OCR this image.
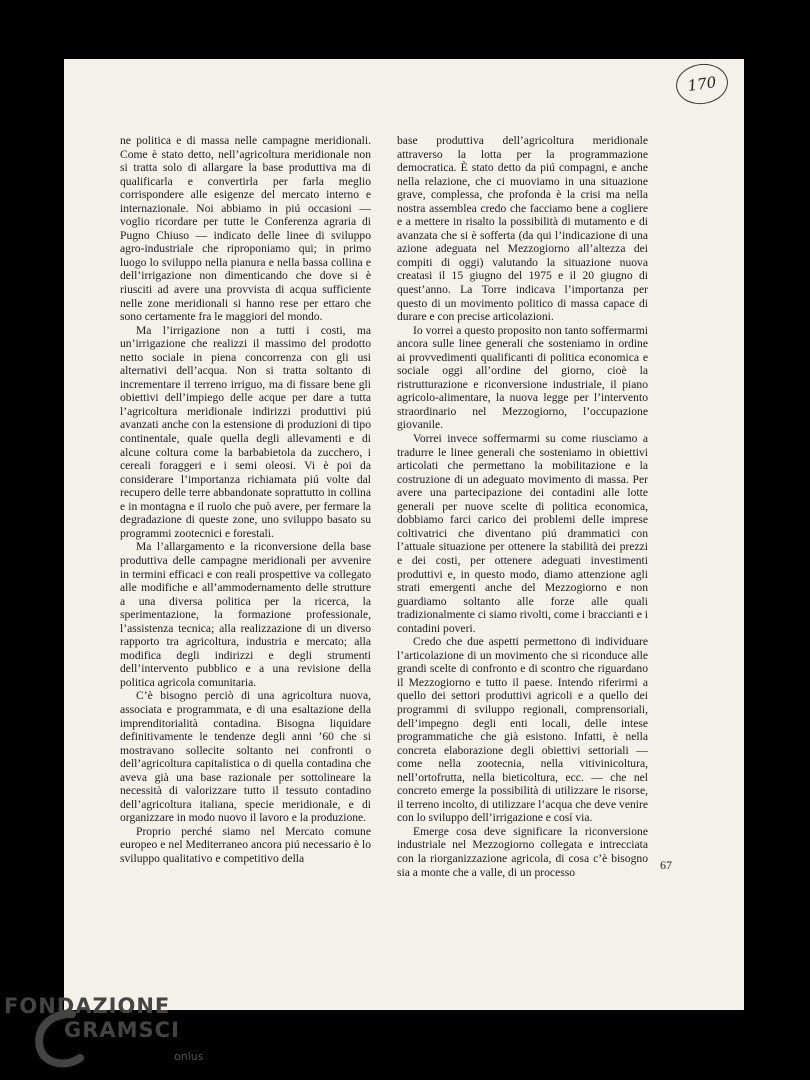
170

ne politica e di massa nelle campagne meridionali. Come è stato detto, nell’agricoltura meridionale non si tratta solo di allargare la base produttiva ma di qualificarla e convertirla per farla meglio corrispondere alle esigenze del mercato interno e internazionale. Noi abbiamo in piú occasioni — voglio ricordare per tutte le Conferenza agraria di Pugno Chiuso — indicato delle linee di sviluppo agro-industriale che riproponiamo qui; in primo luogo lo sviluppo nella pianura e nella bassa collina e dell’irrigazione non dimenticando che dove si è riusciti ad avere una provvista di acqua sufficiente nelle zone meridionali si hanno rese per ettaro che sono certamente fra le maggiori del mondo.

Ma l’irrigazione non a tutti i costi, ma un’irrigazione che realizzi il massimo del prodotto netto sociale in piena concorrenza con gli usi alternativi dell’acqua. Non si tratta soltanto di incrementare il terreno irriguo, ma di fissare bene gli obiettivi dell’impiego delle acque per dare a tutta l’agricoltura meridionale indirizzi produttivi piú avanzati anche con la estensione di produzioni di tipo continentale, quale quella degli allevamenti e di alcune coltura come la barbabietola da zucchero, i cereali foraggeri e i semi oleosi. Vi è poi da considerare l’importanza richiamata piú volte dal recupero delle terre abbandonate soprattutto in collina e in montagna e il ruolo che può avere, per fermare la degradazione di queste zone, uno sviluppo basato su programmi zootecnici e forestali.

Ma l’allargamento e la riconversione della base produttiva delle campagne meridionali per avvenire in termini efficaci e con reali prospettive va collegato alle modifiche e all’ammodernamento delle strutture a una diversa politica per la ricerca, la sperimentazione, la formazione professionale, l’assistenza tecnica; alla realizzazione di un diverso rapporto tra agricoltura, industria e mercato; alla modifica degli indirizzi e degli strumenti dell’intervento pubblico e a una revisione della politica agricola comunitaria.

C’è bisogno perciò di una agricoltura nuova, associata e programmata, e di una esaltazione della imprenditorialità contadina. Bisogna liquidare definitivamente le tendenze degli anni ’60 che si mostravano sollecite soltanto nei confronti o dell’agricoltura capitalistica o di quella contadina che aveva già una base razionale per sottolineare la necessità di valorizzare tutto il tessuto contadino dell’agricoltura italiana, specie meridionale, e di organizzare in modo nuovo il lavoro e la produzione.

Proprio perché siamo nel Mercato comune europeo e nel Mediterraneo ancora piú necessario è lo sviluppo qualitativo e competitivo della

base produttiva dell’agricoltura meridionale attraverso la lotta per la programmazione democratica. È stato detto da piú compagni, e anche nella relazione, che ci muoviamo in una situazione grave, complessa, che profonda è la crisi ma nella nostra assemblea credo che facciamo bene a cogliere e a mettere in risalto la possibilità di mutamento e di avanzata che si è sofferta (da qui l’indicazione di una azione adeguata nel Mezzogiorno all’altezza dei compiti di oggi) valutando la situazione nuova creatasi il 15 giugno del 1975 e il 20 giugno di quest’anno. La Torre indicava l’importanza per questo di un movimento politico di massa capace di durare e con precise articolazioni.

Io vorrei a questo proposito non tanto soffermarmi ancora sulle linee generali che sosteniamo in ordine ai provvedimenti qualificanti di politica economica e sociale oggi all’ordine del giorno, cioè la ristrutturazione e riconversione industriale, il piano agricolo-alimentare, la nuova legge per l’intervento straordinario nel Mezzogiorno, l’occupazione giovanile.

Vorrei invece soffermarmi su come riusciamo a tradurre le linee generali che sosteniamo in obiettivi articolati che permettano la mobilitazione e la costruzione di un adeguato movimento di massa. Per avere una partecipazione dei contadini alle lotte generali per nuove scelte di politica economica, dobbiamo farci carico dei problemi delle imprese coltivatrici che diventano piú drammatici con l’attuale situazione per ottenere la stabilità dei prezzi e dei costi, per ottenere adeguati investimenti produttivi e, in questo modo, diamo attenzione agli strati emergenti anche del Mezzogiorno e non guardiamo soltanto alle forze alle quali tradizionalmente ci siamo rivolti, come i braccianti e i contadini poveri.

Credo che due aspetti permettono di individuare l’articolazione di un movimento che si riconduce alle grandi scelte di confronto e di scontro che riguardano il Mezzogiorno e tutto il paese. Intendo riferirmi a quello dei settori produttivi agricoli e a quello dei programmi di sviluppo regionali, comprensoriali, dell’impegno degli enti locali, delle intese programmatiche che già esistono. Infatti, è nella concreta elaborazione degli obiettivi settoriali — come nella zootecnia, nella vitivinicoltura, nell’ortofrutta, nella bieticoltura, ecc. — che nel concreto emerge la possibilità di utilizzare le risorse, il terreno incolto, di utilizzare l’acqua che deve venire con lo sviluppo dell’irrigazione e cosí via.

Emerge cosa deve significare la riconversione industriale nel Mezzogiorno collegata e intrecciata con la riorganizzazione agricola, di cosa c’è bisogno sia a monte che a valle, di un processo

67
FONDAZIONE
GRAMSCI
onlus
